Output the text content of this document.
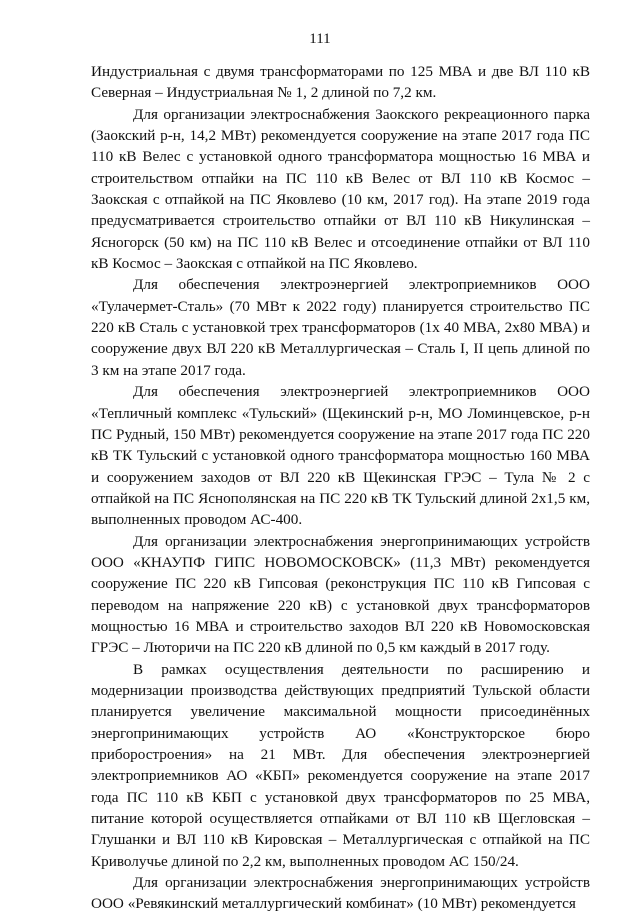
111

Индустриальная с двумя трансформаторами по 125 МВА и две ВЛ 110 кВ Северная – Индустриальная № 1, 2 длиной по 7,2 км.

Для организации электроснабжения Заокского рекреационного парка (Заокский р-н, 14,2 МВт) рекомендуется сооружение на этапе 2017 года ПС 110 кВ Велес с установкой одного трансформатора мощностью 16 МВА и строительством отпайки на ПС 110 кВ Велес от ВЛ 110 кВ Космос – Заокская с отпайкой на ПС Яковлево (10 км, 2017 год). На этапе 2019 года предусматривается строительство отпайки от ВЛ 110 кВ Никулинская – Ясногорск (50 км) на ПС 110 кВ Велес и отсоединение отпайки от ВЛ 110 кВ Космос – Заокская с отпайкой на ПС Яковлево.

Для обеспечения электроэнергией электроприемников ООО «Тулачермет-Сталь» (70 МВт к 2022 году) планируется строительство ПС 220 кВ Сталь с установкой трех трансформаторов (1х 40 МВА, 2х80 МВА) и сооружение двух ВЛ 220 кВ Металлургическая – Сталь I, II цепь длиной по 3 км на этапе 2017 года.

Для обеспечения электроэнергией электроприемников ООО «Тепличный комплекс «Тульский» (Щекинский р-н, МО Ломинцевское, р-н ПС Рудный, 150 МВт) рекомендуется сооружение на этапе 2017 года ПС 220 кВ ТК Тульский с установкой одного трансформатора мощностью 160 МВА и сооружением заходов от ВЛ 220 кВ Щекинская ГРЭС – Тула № 2 с отпайкой на ПС Яснополянская на ПС 220 кВ ТК Тульский длиной 2х1,5 км, выполненных проводом АС-400.

Для организации электроснабжения энергопринимающих устройств ООО «КНАУПФ ГИПС НОВОМОСКОВСК» (11,3 МВт) рекомендуется сооружение ПС 220 кВ Гипсовая (реконструкция ПС 110 кВ Гипсовая с переводом на напряжение 220 кВ) с установкой двух трансформаторов мощностью 16 МВА и строительство заходов ВЛ 220 кВ Новомосковская ГРЭС – Люторичи на ПС 220 кВ длиной по 0,5 км каждый в 2017 году.

В рамках осуществления деятельности по расширению и модернизации производства действующих предприятий Тульской области планируется увеличение максимальной мощности присоединённых энергопринимающих устройств АО «Конструкторское бюро приборостроения» на 21 МВт. Для обеспечения электроэнергией электроприемников АО «КБП» рекомендуется сооружение на этапе 2017 года ПС 110 кВ КБП с установкой двух трансформаторов по 25 МВА, питание которой осуществляется отпайками от ВЛ 110 кВ Щегловская – Глушанки и ВЛ 110 кВ Кировская – Металлургическая с отпайкой на ПС Криволучье длиной по 2,2 км, выполненных проводом АС 150/24.

Для организации электроснабжения энергопринимающих устройств ООО «Ревякинский металлургический комбинат» (10 МВт) рекомендуется
